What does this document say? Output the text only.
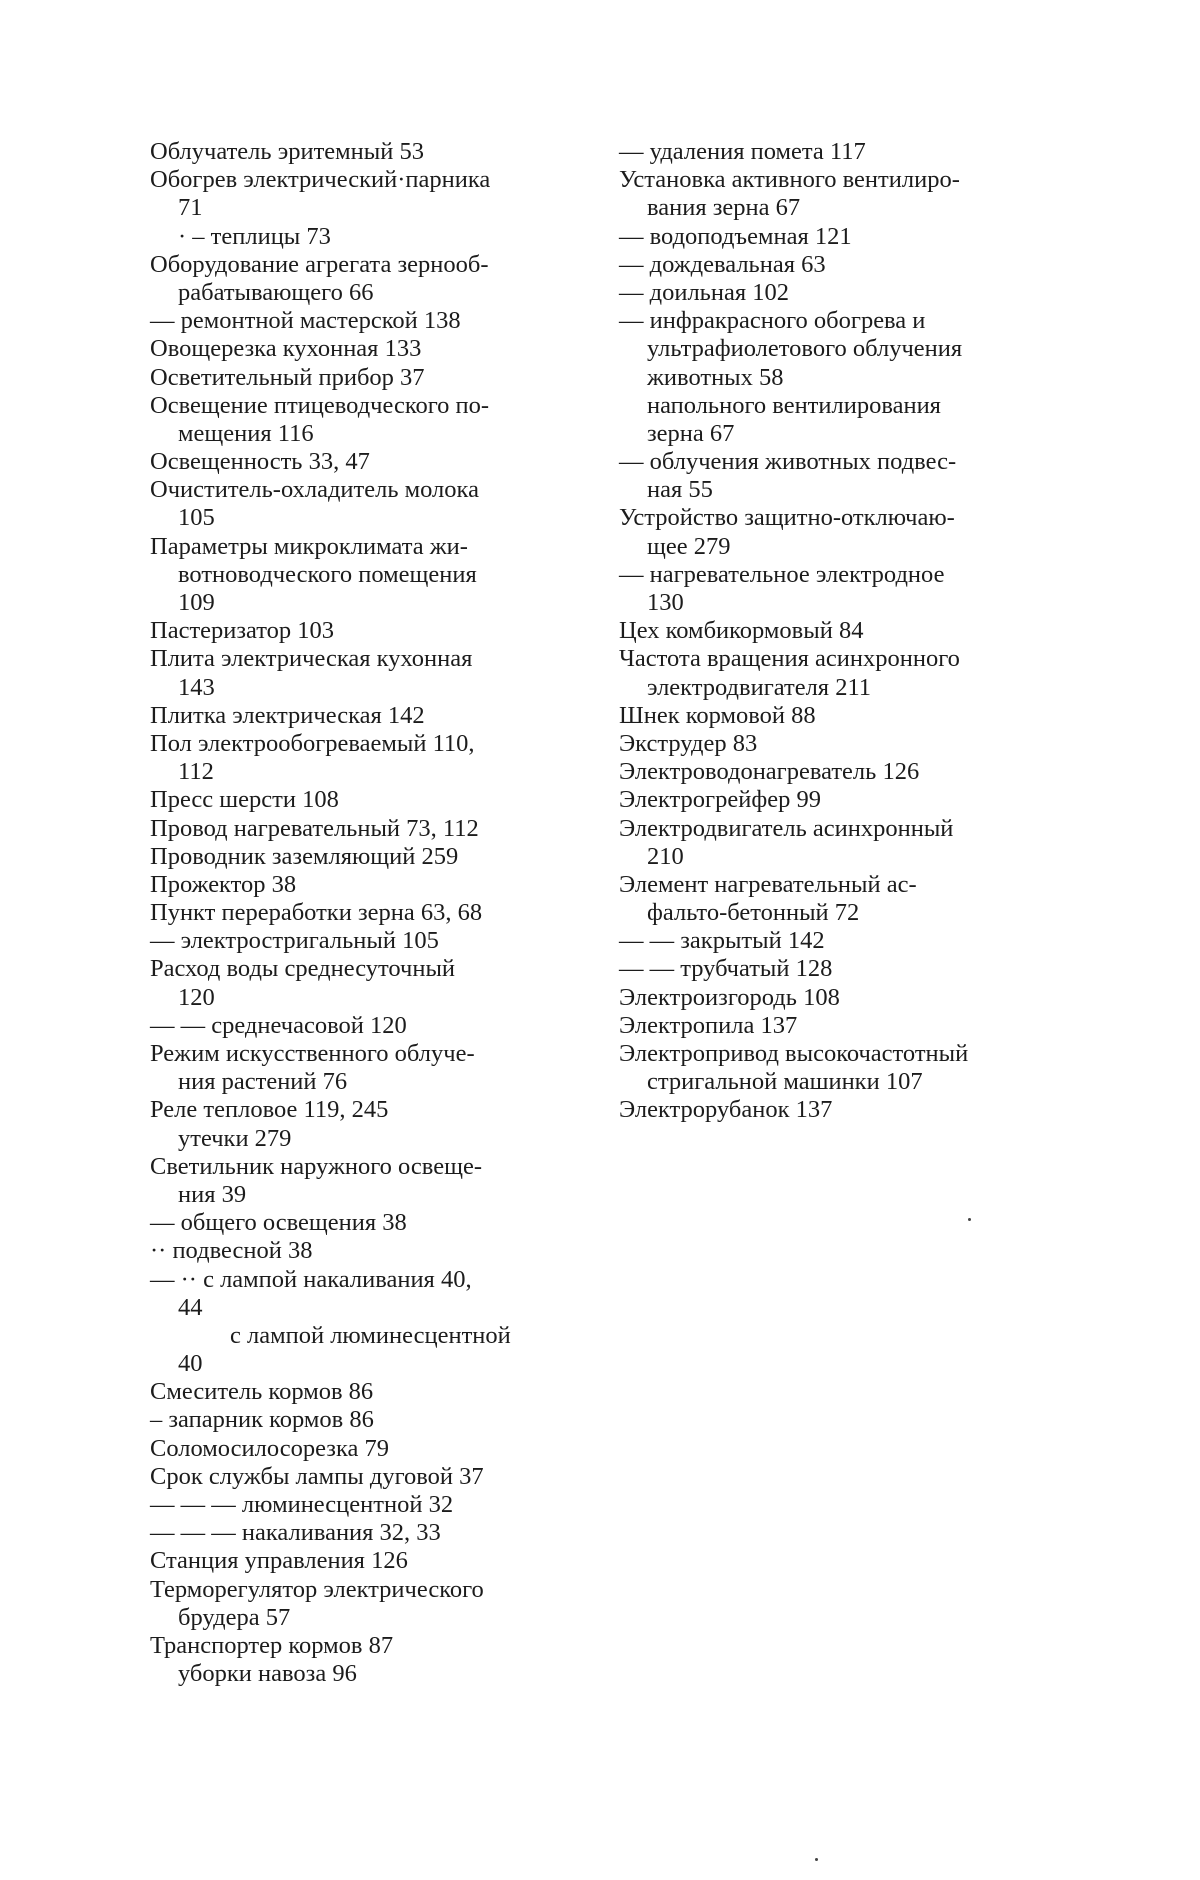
Облучатель эритемный 53
Обогрев электрический·парника
71
· – теплицы 73
Оборудование агрегата зернооб-
рабатывающего 66
— ремонтной мастерской 138
Овощерезка кухонная 133
Осветительный прибор 37
Освещение птицеводческого по-
мещения 116
Освещенность 33, 47
Очиститель-охладитель молока
105
Параметры микроклимата жи-
вотноводческого помещения
109
Пастеризатор 103
Плита электрическая кухонная
143
Плитка электрическая 142
Пол электрообогреваемый 110,
112
Пресс шерсти 108
Провод нагревательный 73, 112
Проводник заземляющий 259
Прожектор 38
Пункт переработки зерна 63, 68
— электростригальный 105
Расход воды среднесуточный
120
— — среднечасовой 120
Режим искусственного облуче-
ния растений 76
Реле тепловое 119, 245
утечки 279
Светильник наружного освеще-
ния 39
— общего освещения 38
·· подвесной 38
— ·· с лампой накаливания 40,
44
с лампой люминесцентной
40
Смеситель кормов 86
– запарник кормов 86
Соломосилосорезка 79
Срок службы лампы дуговой 37
— — — люминесцентной 32
— — — накаливания 32, 33
Станция управления 126
Терморегулятор электрического
брудера 57
Транспортер кормов 87
уборки навоза 96
— удаления помета 117
Установка активного вентилиро-
вания зерна 67
— водоподъемная 121
— дождевальная 63
— доильная 102
— инфракрасного обогрева и
ультрафиолетового облучения
животных 58
напольного вентилирования
зерна 67
— облучения животных подвес-
ная 55
Устройство защитно-отключаю-
щее 279
— нагревательное электродное
130
Цех комбикормовый 84
Частота вращения асинхронного
электродвигателя 211
Шнек кормовой 88
Экструдер 83
Электроводонагреватель 126
Электрогрейфер 99
Электродвигатель асинхронный
210
Элемент нагревательный ас-
фальто-бетонный 72
— — закрытый 142
— — трубчатый 128
Электроизгородь 108
Электропила 137
Электропривод высокочастотный
стригальной машинки 107
Электрорубанок 137
